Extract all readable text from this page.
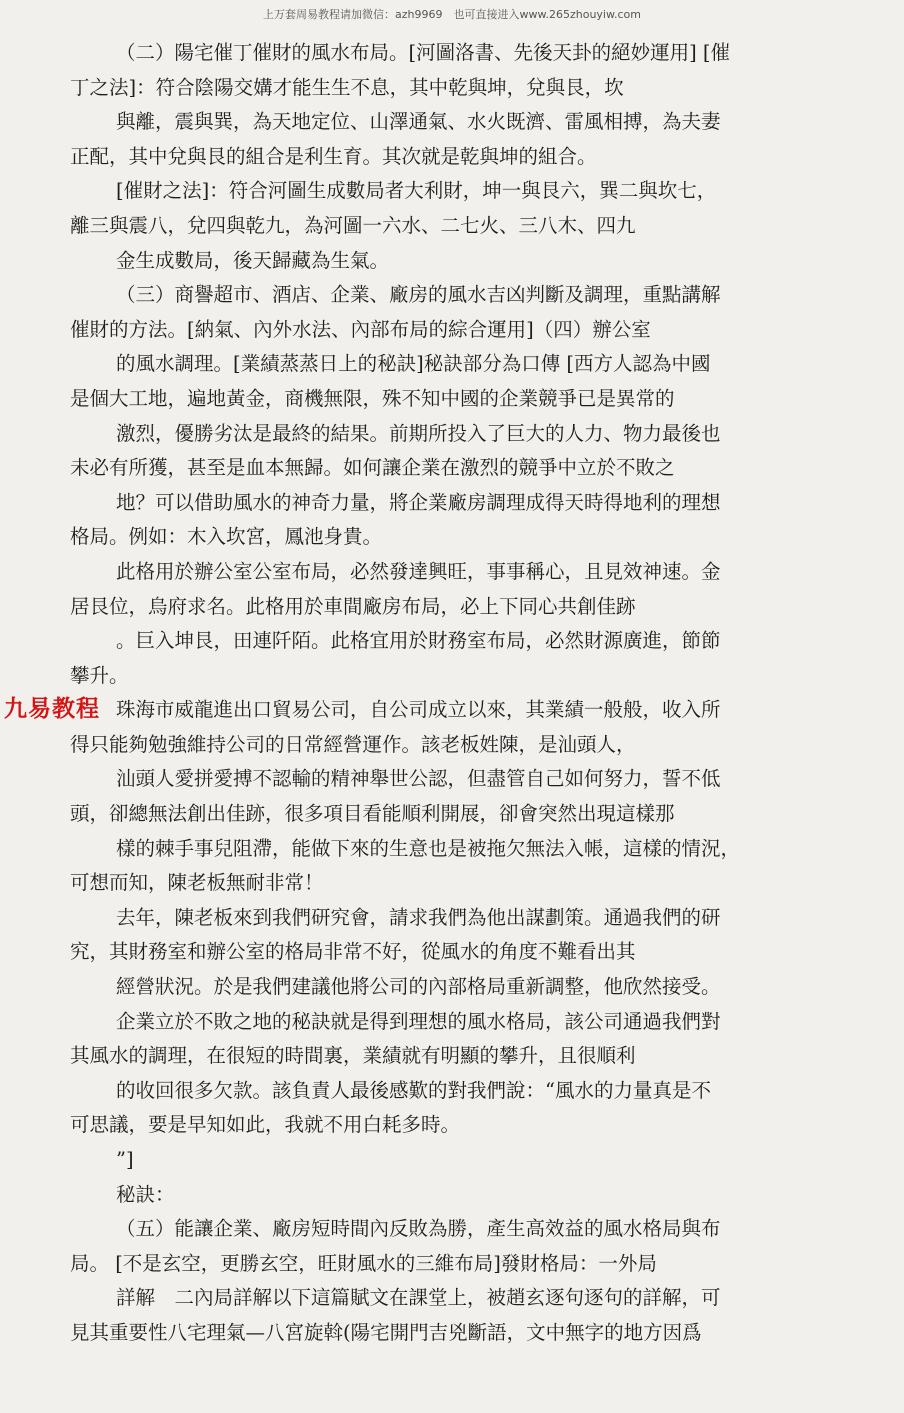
上万套周易教程请加微信：azh9969　也可直接进入www.265zhouyiw.com
（二）陽宅催丁催財的風水布局。[河圖洛書、先後天卦的絕妙運用] [催
丁之法]：符合陰陽交媾才能生生不息，其中乾與坤，兌與艮，坎
與離，震與巽，為天地定位、山澤通氣、水火既濟、雷風相搏，為夫妻
正配，其中兌與艮的組合是利生育。其次就是乾與坤的組合。
[催財之法]：符合河圖生成數局者大利財，坤一與艮六，巽二與坎七，
離三與震八，兌四與乾九，為河圖一六水、二七火、三八木、四九
金生成數局，後天歸藏為生氣。
（三）商譽超市、酒店、企業、廠房的風水吉凶判斷及調理，重點講解
催財的方法。[納氣、內外水法、內部布局的綜合運用]（四）辦公室
的風水調理。[業績蒸蒸日上的秘訣]秘訣部分為口傳 [西方人認為中國
是個大工地，遍地黃金，商機無限，殊不知中國的企業競爭已是異常的
激烈，優勝劣汰是最終的結果。前期所投入了巨大的人力、物力最後也
未必有所獲，甚至是血本無歸。如何讓企業在激烈的競爭中立於不敗之
地？可以借助風水的神奇力量，將企業廠房調理成得天時得地利的理想
格局。例如：木入坎宮，鳳池身貴。
此格用於辦公室公室布局，必然發達興旺，事事稱心，且見效神速。金
居艮位，烏府求名。此格用於車間廠房布局，必上下同心共創佳跡
。巨入坤艮，田連阡陌。此格宜用於財務室布局，必然財源廣進，節節
攀升。
珠海市威龍進出口貿易公司，自公司成立以來，其業績一般般，收入所
得只能夠勉強維持公司的日常經營運作。該老板姓陳，是汕頭人，
汕頭人愛拼愛搏不認輸的精神舉世公認，但盡管自己如何努力，誓不低
頭，卻總無法創出佳跡，很多項目看能順利開展，卻會突然出現這樣那
樣的棘手事兒阻滯，能做下來的生意也是被拖欠無法入帳，這樣的情況，
可想而知，陳老板無耐非常！
去年，陳老板來到我們研究會，請求我們為他出謀劃策。通過我們的研
究，其財務室和辦公室的格局非常不好，從風水的角度不難看出其
經營狀況。於是我們建議他將公司的內部格局重新調整，他欣然接受。
企業立於不敗之地的秘訣就是得到理想的風水格局，該公司通過我們對
其風水的調理，在很短的時間裏，業績就有明顯的攀升，且很順利
的收回很多欠款。該負責人最後感歎的對我們說：“風水的力量真是不
可思議，要是早知如此，我就不用白耗多時。
”]
秘訣：
（五）能讓企業、廠房短時間內反敗為勝，產生高效益的風水格局與布
局。 [不是玄空，更勝玄空，旺財風水的三維布局]發財格局：一外局
詳解　二內局詳解以下這篇賦文在課堂上，被趙玄逐句逐句的詳解，可
見其重要性八宅理氣—八宮旋斡(陽宅開門吉兇斷語，文中無字的地方因爲
九易教程
